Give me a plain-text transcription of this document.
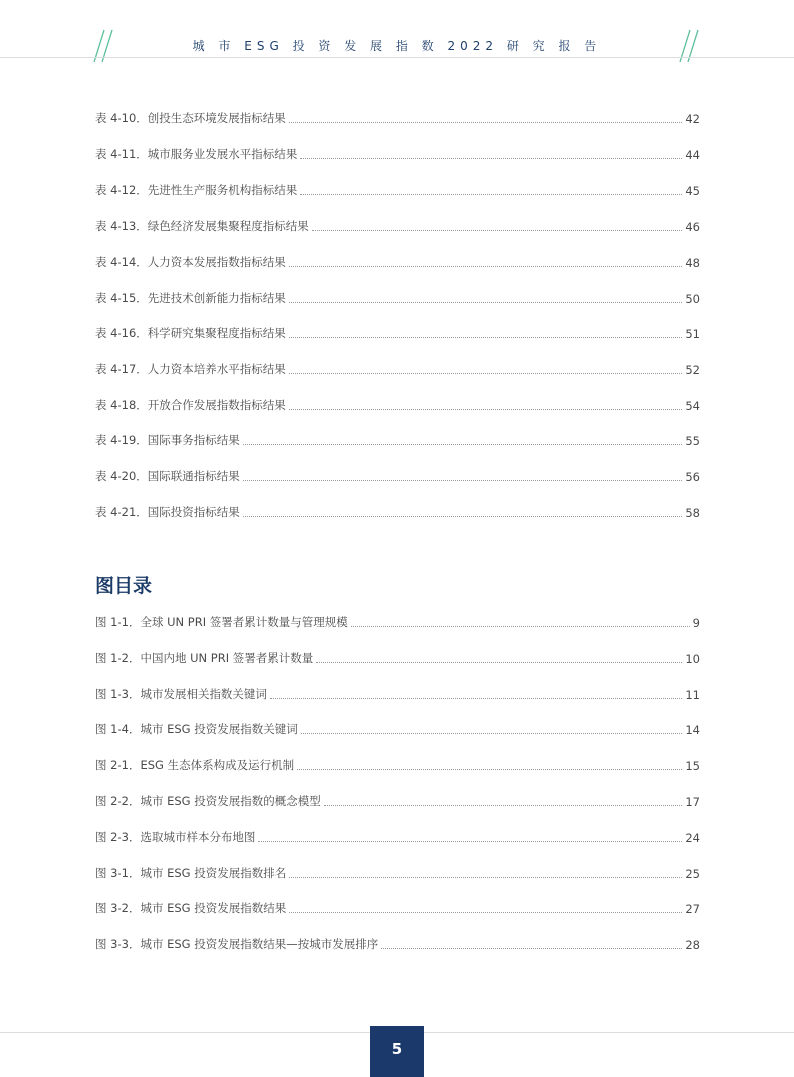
城 市 ESG 投 资 发 展 指 数 2022 研 究 报 告
表 4-10．创投生态环境发展指标结果	42
表 4-11．城市服务业发展水平指标结果	44
表 4-12．先进性生产服务机构指标结果	45
表 4-13．绿色经济发展集聚程度指标结果	46
表 4-14．人力资本发展指数指标结果	48
表 4-15．先进技术创新能力指标结果	50
表 4-16．科学研究集聚程度指标结果	51
表 4-17．人力资本培养水平指标结果	52
表 4-18．开放合作发展指数指标结果	54
表 4-19．国际事务指标结果	55
表 4-20．国际联通指标结果	56
表 4-21．国际投资指标结果	58
图目录
图 1-1．全球 UN PRI 签署者累计数量与管理规模	9
图 1-2．中国内地 UN PRI 签署者累计数量	10
图 1-3．城市发展相关指数关键词	11
图 1-4．城市 ESG 投资发展指数关键词	14
图 2-1．ESG 生态体系构成及运行机制	15
图 2-2．城市 ESG 投资发展指数的概念模型	17
图 2-3．选取城市样本分布地图	24
图 3-1．城市 ESG 投资发展指数排名	25
图 3-2．城市 ESG 投资发展指数结果	27
图 3-3．城市 ESG 投资发展指数结果—按城市发展排序	28
5
